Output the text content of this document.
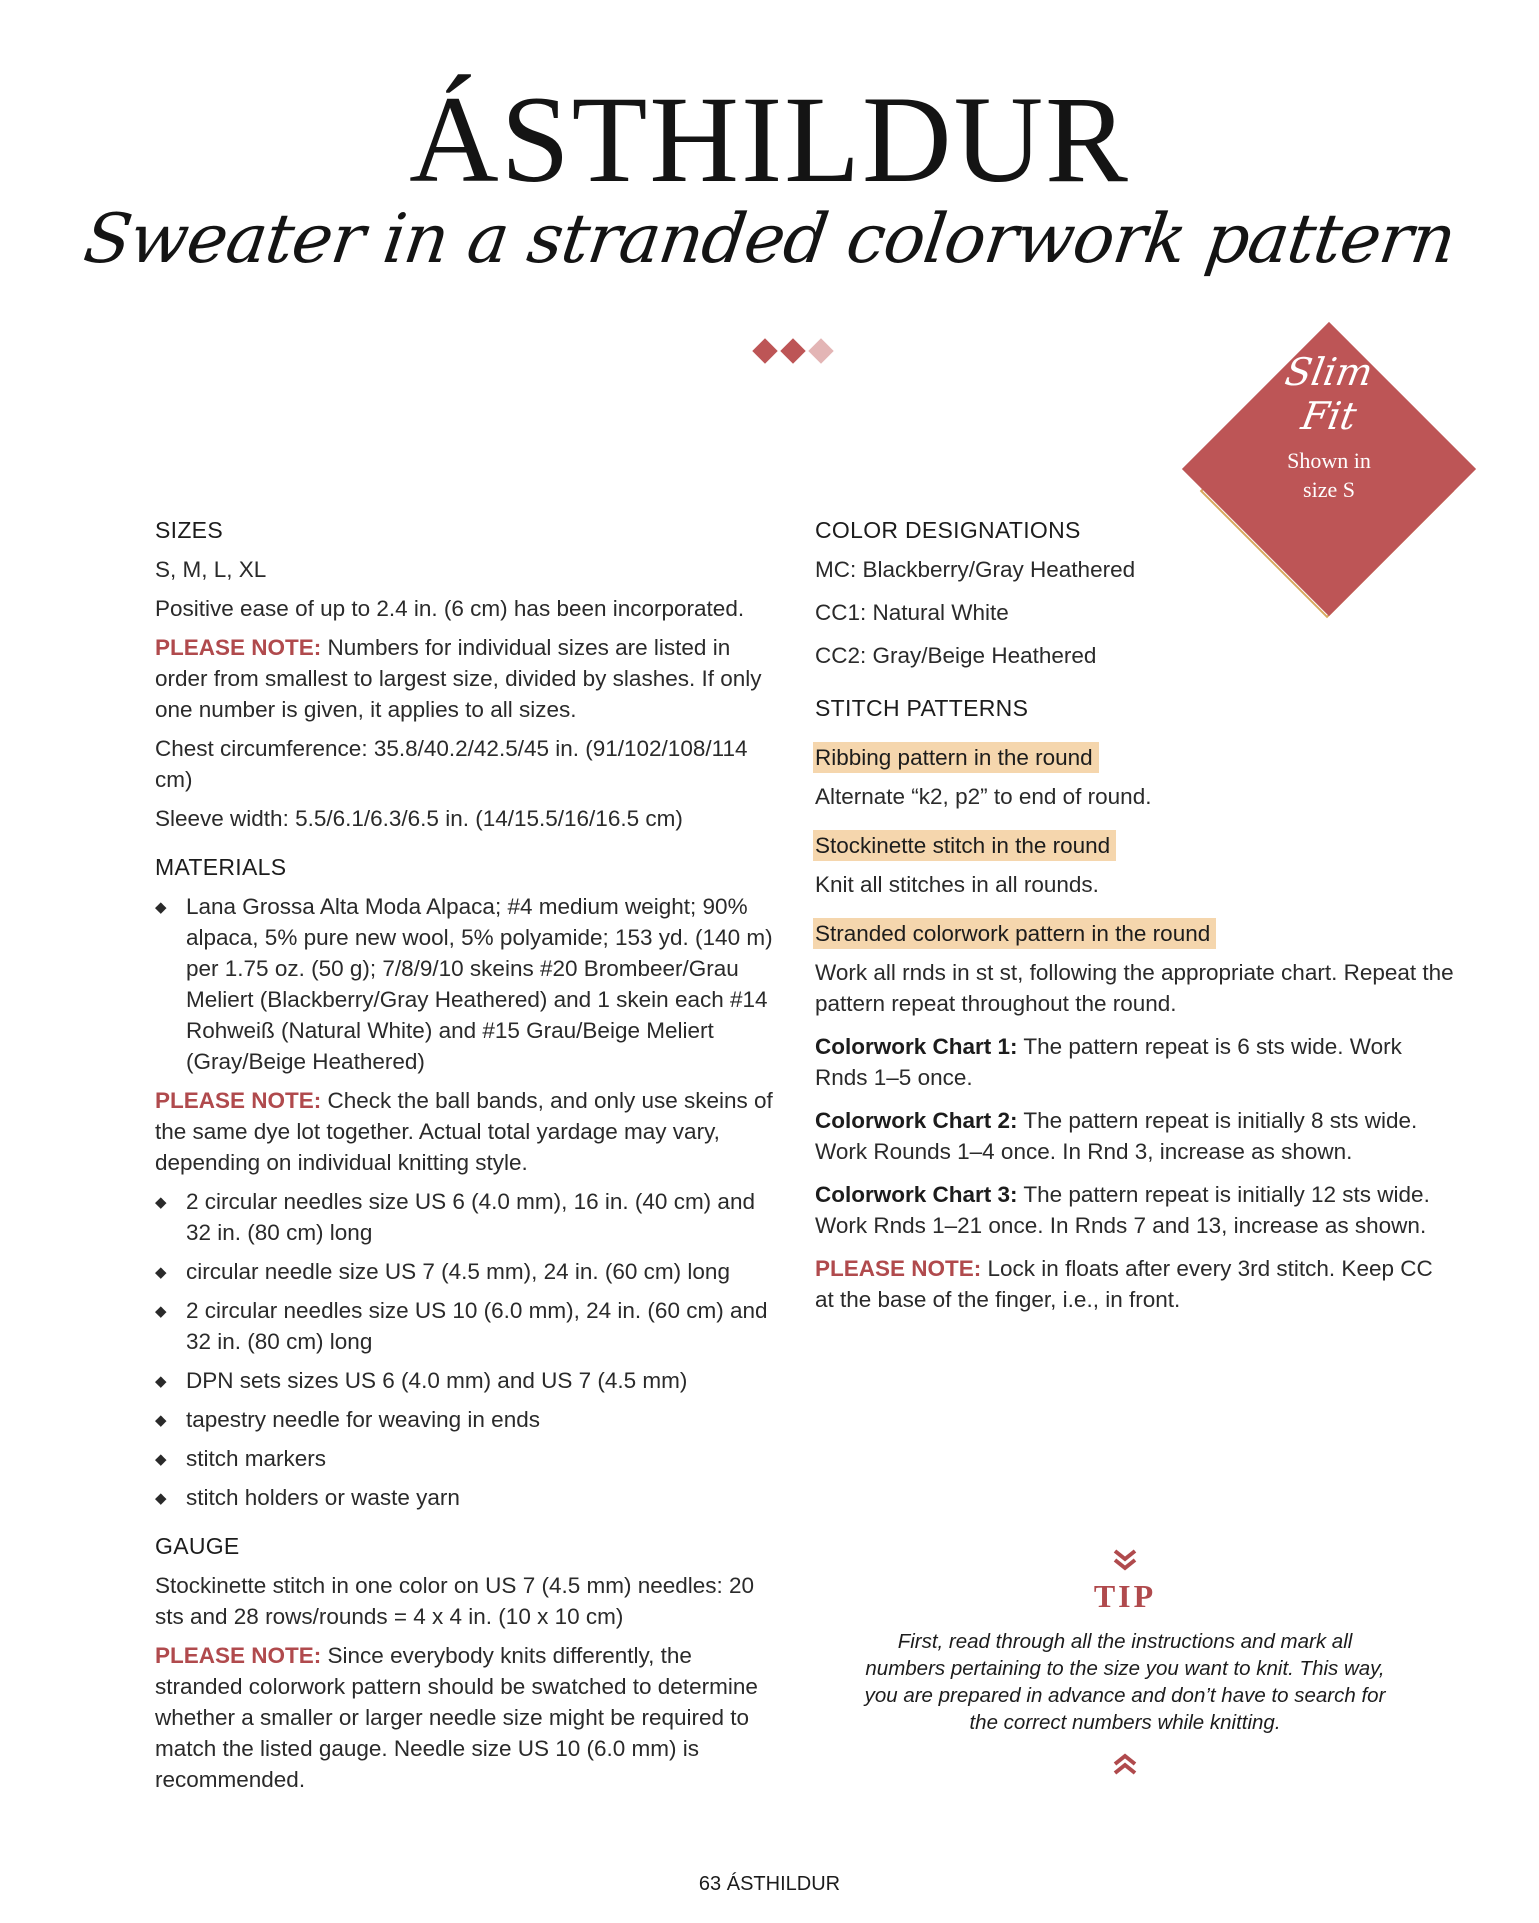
ÁSTHILDUR
Sweater in a stranded colorwork pattern
Slim
Fit
Shown in
size S
SIZES

S, M, L, XL

Positive ease of up to 2.4 in. (6 cm) has been incorporated.

PLEASE NOTE: Numbers for individual sizes are listed in order from smallest to largest size, divided by slashes. If only one number is given, it applies to all sizes.

Chest circumference: 35.8/40.2/42.5/45 in. (91/102/108/114 cm)

Sleeve width: 5.5/6.1/6.3/6.5 in. (14/15.5/16/16.5 cm)

MATERIALS
◆ Lana Grossa Alta Moda Alpaca; #4 medium weight; 90% alpaca, 5% pure new wool, 5% polyamide; 153 yd. (140 m) per 1.75 oz. (50 g); 7/8/9/10 skeins #20 Brombeer/Grau Meliert (Blackberry/Gray Heathered) and 1 skein each #14 Rohweiß (Natural White) and #15 Grau/Beige Meliert (Gray/Beige Heathered)

PLEASE NOTE: Check the ball bands, and only use skeins of the same dye lot together. Actual total yardage may vary, depending on individual knitting style.

◆ 2 circular needles size US 6 (4.0 mm), 16 in. (40 cm) and 32 in. (80 cm) long
◆ circular needle size US 7 (4.5 mm), 24 in. (60 cm) long
◆ 2 circular needles size US 10 (6.0 mm), 24 in. (60 cm) and 32 in. (80 cm) long
◆ DPN sets sizes US 6 (4.0 mm) and US 7 (4.5 mm)
◆ tapestry needle for weaving in ends
◆ stitch markers
◆ stitch holders or waste yarn
GAUGE

Stockinette stitch in one color on US 7 (4.5 mm) needles: 20 sts and 28 rows/rounds = 4 x 4 in. (10 x 10 cm)

PLEASE NOTE: Since everybody knits differently, the stranded colorwork pattern should be swatched to determine whether a smaller or larger needle size might be required to match the listed gauge. Needle size US 10 (6.0 mm) is recommended.

COLOR DESIGNATIONS

MC: Blackberry/Gray Heathered

CC1: Natural White

CC2: Gray/Beige Heathered

STITCH PATTERNS

Ribbing pattern in the round

Alternate “k2, p2” to end of round.

Stockinette stitch in the round

Knit all stitches in all rounds.

Stranded colorwork pattern in the round

Work all rnds in st st, following the appropriate chart. Repeat the pattern repeat throughout the round.

Colorwork Chart 1: The pattern repeat is 6 sts wide. Work Rnds 1–5 once.

Colorwork Chart 2: The pattern repeat is initially 8 sts wide. Work Rounds 1–4 once. In Rnd 3, increase as shown.

Colorwork Chart 3: The pattern repeat is initially 12 sts wide. Work Rnds 1–21 once. In Rnds 7 and 13, increase as shown.

PLEASE NOTE: Lock in floats after every 3rd stitch. Keep CC at the base of the finger, i.e., in front.

TIP
First, read through all the instructions and mark all numbers pertaining to the size you want to knit. This way, you are prepared in advance and don’t have to search for the correct numbers while knitting.
63 ÁSTHILDUR
